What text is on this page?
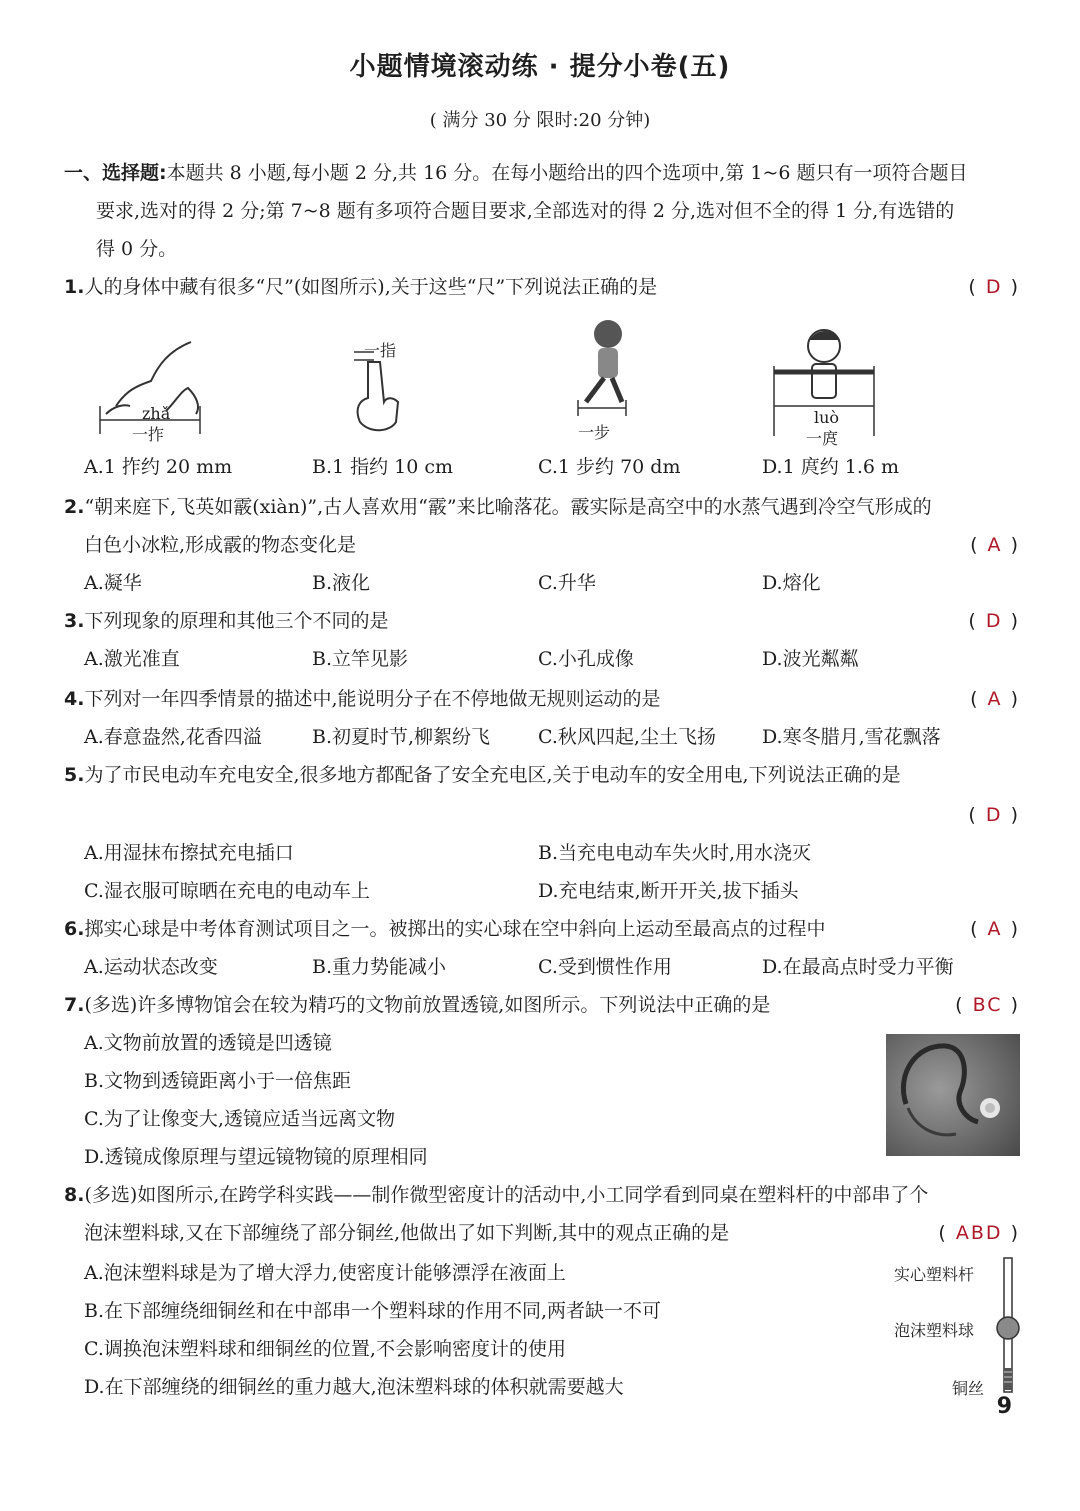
小题情境滚动练 · 提分小卷(五)
( 满分 30 分 限时:20 分钟)
一、选择题:本题共 8 小题,每小题 2 分,共 16 分。在每小题给出的四个选项中,第 1~6 题只有一项符合题目
要求,选对的得 2 分;第 7~8 题有多项符合题目要求,全部选对的得 2 分,选对但不全的得 1 分,有选错的
得 0 分。
1.人的身体中藏有很多“尺”(如图所示),关于这些“尺”下列说法正确的是	( D )
zhǎ
一拃
一指
一步
luò
一庹
A.1 拃约 20 mm	B.1 指约 10 cm	C.1 步约 70 dm	D.1 庹约 1.6 m
2.“朝来庭下,飞英如霰(xiàn)”,古人喜欢用“霰”来比喻落花。霰实际是高空中的水蒸气遇到冷空气形成的
白色小冰粒,形成霰的物态变化是	( A )
A.凝华	B.液化	C.升华	D.熔化
3.下列现象的原理和其他三个不同的是	( D )
A.激光准直	B.立竿见影	C.小孔成像	D.波光粼粼
4.下列对一年四季情景的描述中,能说明分子在不停地做无规则运动的是	( A )
A.春意盎然,花香四溢	B.初夏时节,柳絮纷飞	C.秋风四起,尘土飞扬 D.寒冬腊月,雪花飘落
5.为了市民电动车充电安全,很多地方都配备了安全充电区,关于电动车的安全用电,下列说法正确的是
( D )
A.用湿抹布擦拭充电插口	B.当充电电动车失火时,用水浇灭
C.湿衣服可晾晒在充电的电动车上	D.充电结束,断开开关,拔下插头
6.掷实心球是中考体育测试项目之一。被掷出的实心球在空中斜向上运动至最高点的过程中	( A )
A.运动状态改变	B.重力势能减小	C.受到惯性作用	D.在最高点时受力平衡
7.(多选)许多博物馆会在较为精巧的文物前放置透镜,如图所示。下列说法中正确的是	( BC )
A.文物前放置的透镜是凹透镜
B.文物到透镜距离小于一倍焦距
C.为了让像变大,透镜应适当远离文物
D.透镜成像原理与望远镜物镜的原理相同
8.(多选)如图所示,在跨学科实践——制作微型密度计的活动中,小工同学看到同桌在塑料杆的中部串了个
泡沫塑料球,又在下部缠绕了部分铜丝,他做出了如下判断,其中的观点正确的是	( ABD )
A.泡沫塑料球是为了增大浮力,使密度计能够漂浮在液面上
B.在下部缠绕细铜丝和在中部串一个塑料球的作用不同,两者缺一不可
C.调换泡沫塑料球和细铜丝的位置,不会影响密度计的使用
D.在下部缠绕的细铜丝的重力越大,泡沫塑料球的体积就需要越大
实心塑料杆
泡沫塑料球
铜丝
9
